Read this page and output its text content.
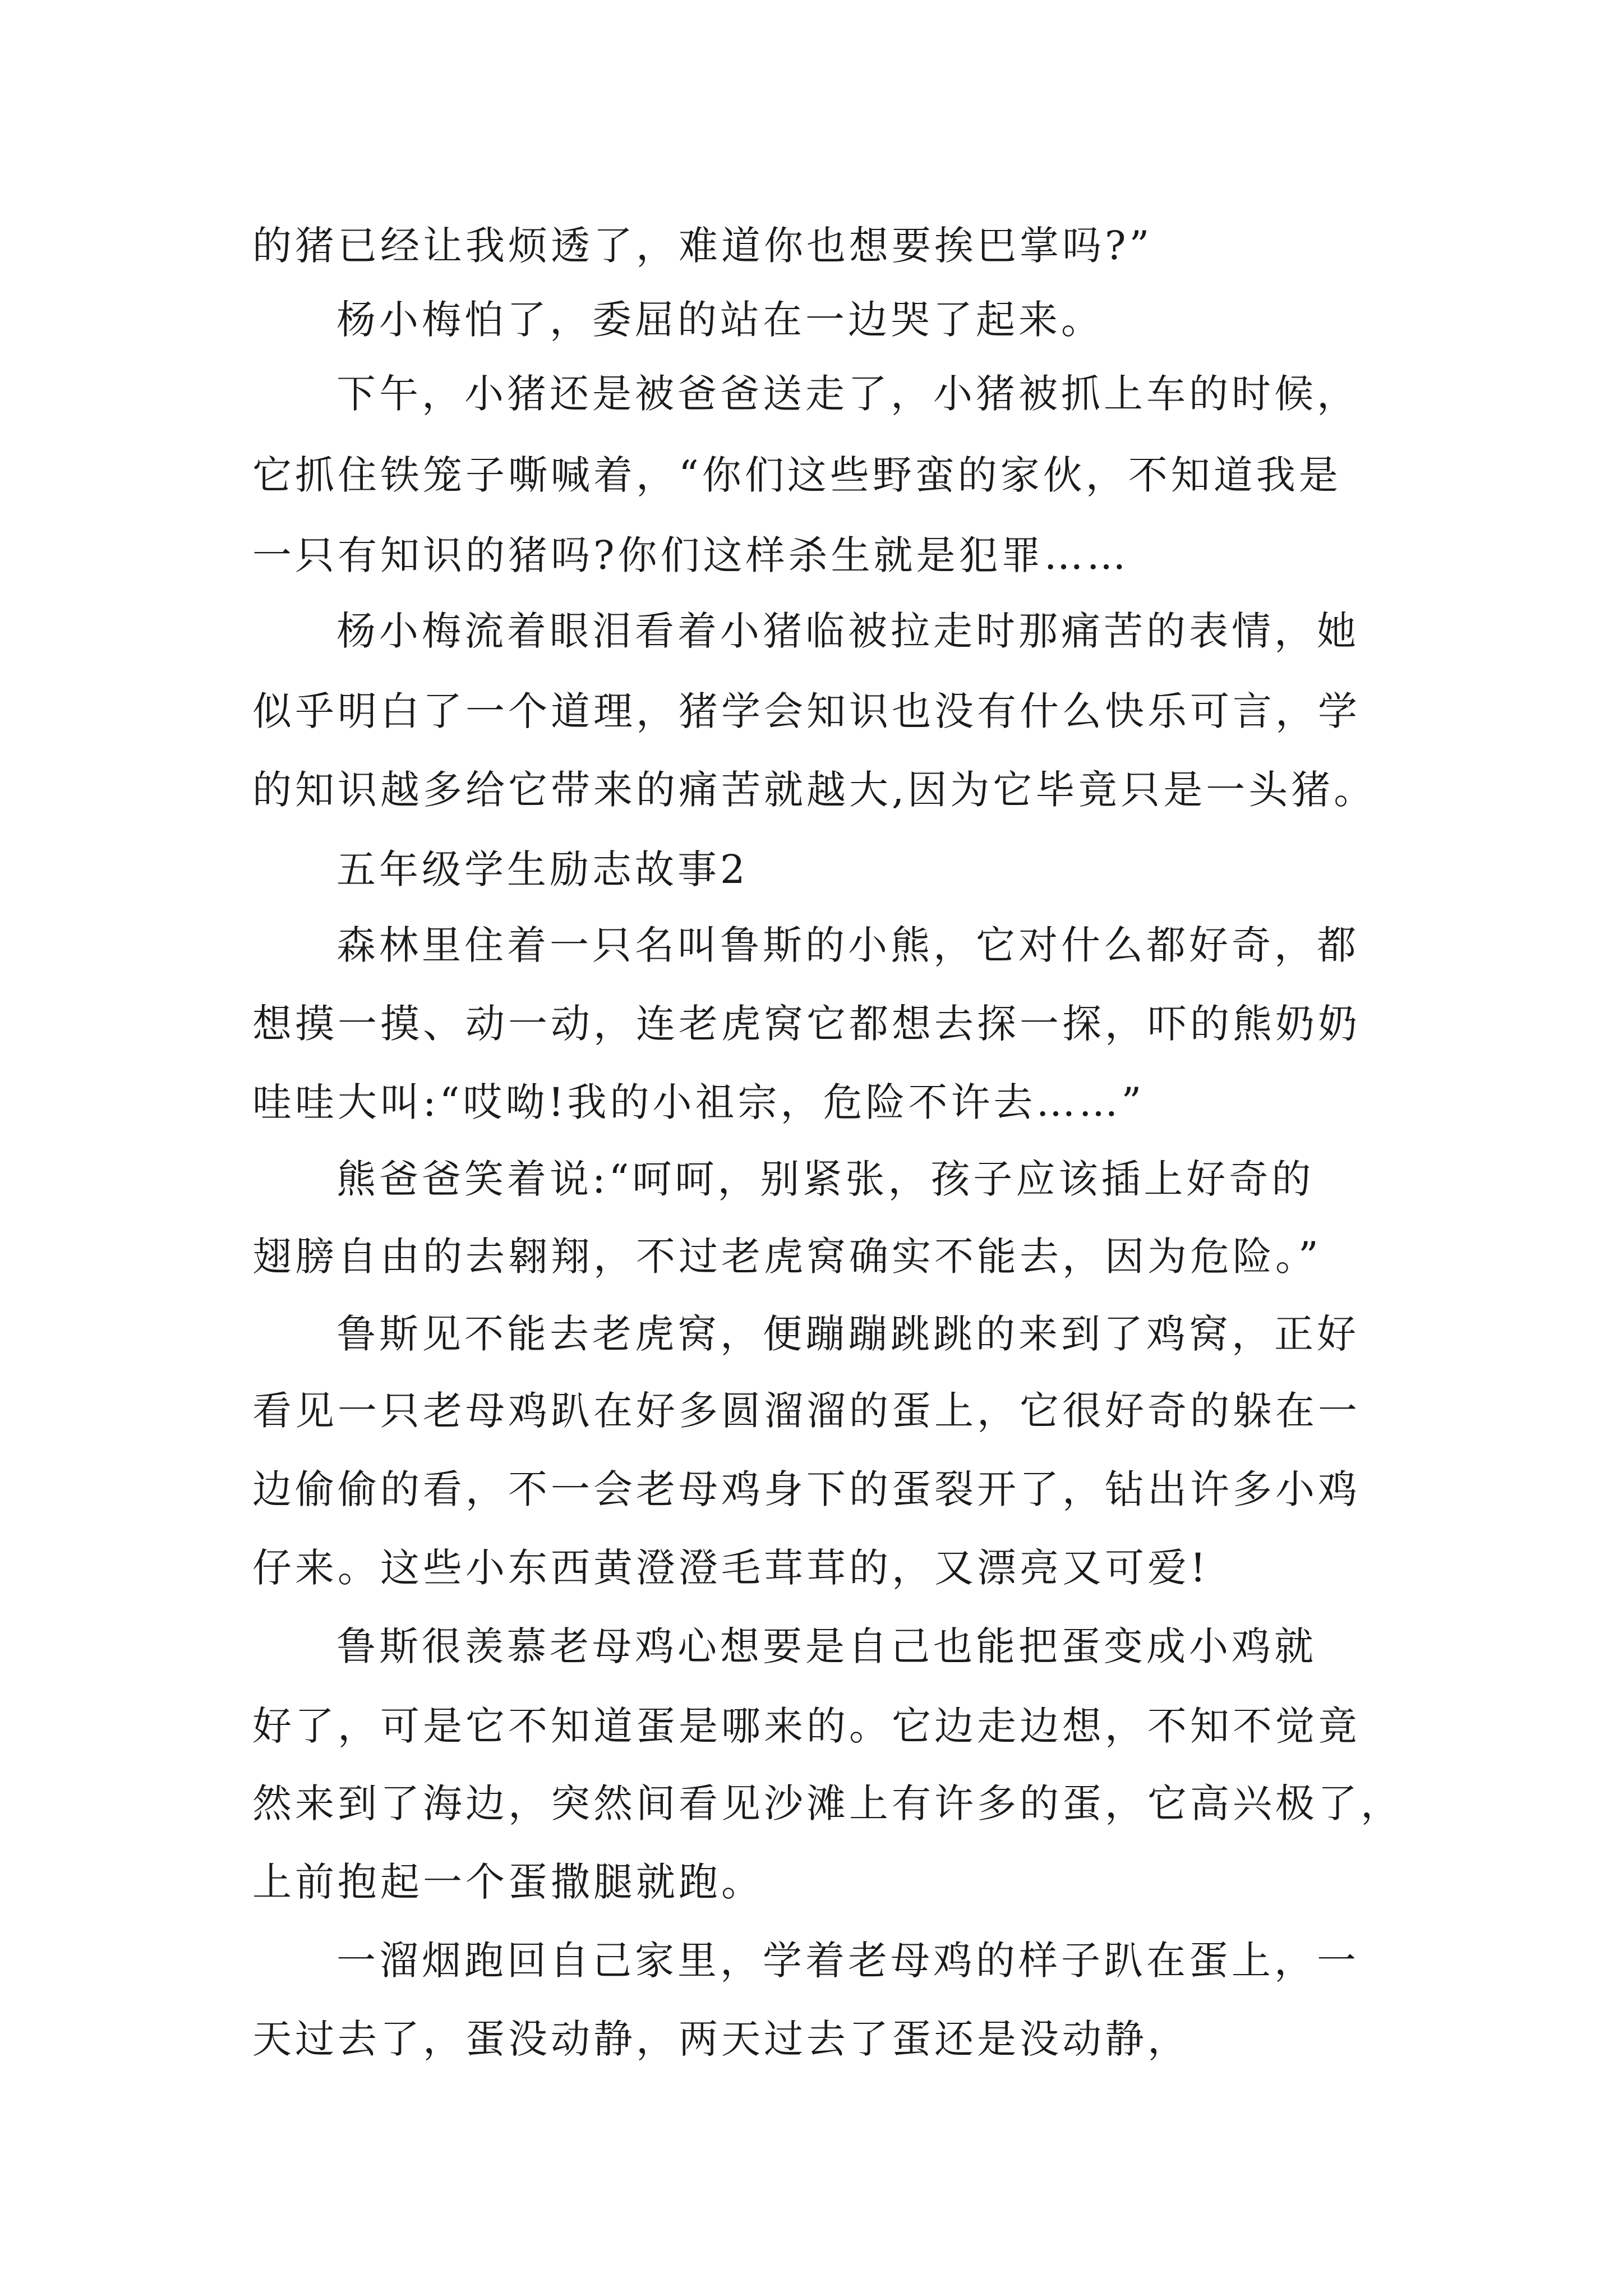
的猪已经让我烦透了，难道你也想要挨巴掌吗?”
杨小梅怕了，委屈的站在一边哭了起来。
下午，小猪还是被爸爸送走了，小猪被抓上车的时候，
它抓住铁笼子嘶喊着，“你们这些野蛮的家伙，不知道我是
一只有知识的猪吗?你们这样杀生就是犯罪……
杨小梅流着眼泪看着小猪临被拉走时那痛苦的表情，她
似乎明白了一个道理，猪学会知识也没有什么快乐可言，学
的知识越多给它带来的痛苦就越大,因为它毕竟只是一头猪。
五年级学生励志故事2
森林里住着一只名叫鲁斯的小熊，它对什么都好奇，都
想摸一摸、动一动，连老虎窝它都想去探一探，吓的熊奶奶
哇哇大叫:“哎呦!我的小祖宗，危险不许去……”
熊爸爸笑着说:“呵呵，别紧张，孩子应该插上好奇的
翅膀自由的去翱翔，不过老虎窝确实不能去，因为危险。”
鲁斯见不能去老虎窝，便蹦蹦跳跳的来到了鸡窝，正好
看见一只老母鸡趴在好多圆溜溜的蛋上，它很好奇的躲在一
边偷偷的看，不一会老母鸡身下的蛋裂开了，钻出许多小鸡
仔来。这些小东西黄澄澄毛茸茸的，又漂亮又可爱!
鲁斯很羡慕老母鸡心想要是自己也能把蛋变成小鸡就
好了，可是它不知道蛋是哪来的。它边走边想，不知不觉竟
然来到了海边，突然间看见沙滩上有许多的蛋，它高兴极了，
上前抱起一个蛋撒腿就跑。
一溜烟跑回自己家里，学着老母鸡的样子趴在蛋上，一
天过去了，蛋没动静，两天过去了蛋还是没动静，
